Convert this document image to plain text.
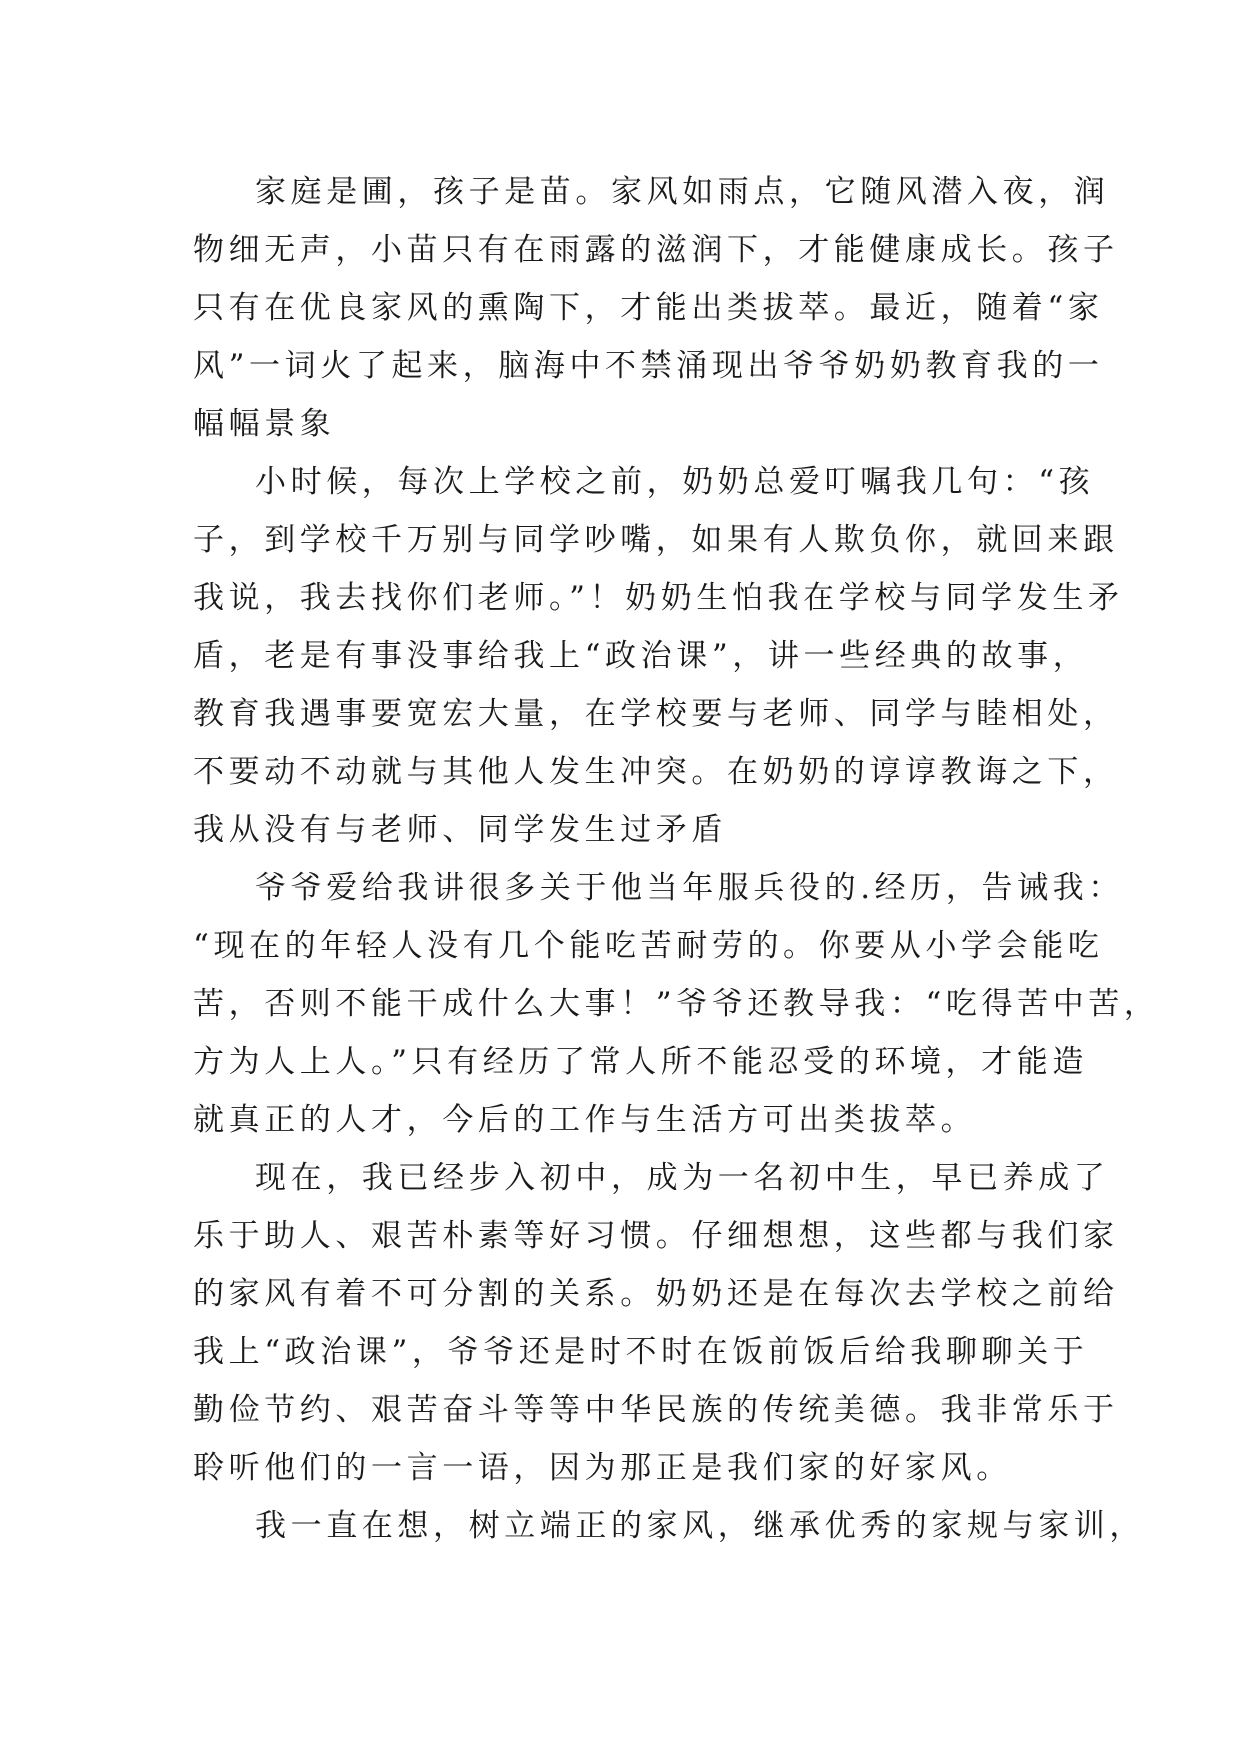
家庭是圃，孩子是苗。家风如雨点，它随风潜入夜，润
物细无声，小苗只有在雨露的滋润下，才能健康成长。孩子
只有在优良家风的熏陶下，才能出类拔萃。最近，随着“家
风”一词火了起来，脑海中不禁涌现出爷爷奶奶教育我的一
幅幅景象
小时候，每次上学校之前，奶奶总爱叮嘱我几句：“孩
子，到学校千万别与同学吵嘴，如果有人欺负你，就回来跟
我说，我去找你们老师。”！奶奶生怕我在学校与同学发生矛
盾，老是有事没事给我上“政治课”，讲一些经典的故事，
教育我遇事要宽宏大量，在学校要与老师、同学与睦相处，
不要动不动就与其他人发生冲突。在奶奶的谆谆教诲之下，
我从没有与老师、同学发生过矛盾
爷爷爱给我讲很多关于他当年服兵役的.经历，告诫我：
“现在的年轻人没有几个能吃苦耐劳的。你要从小学会能吃
苦，否则不能干成什么大事！”爷爷还教导我：“吃得苦中苦，
方为人上人。”只有经历了常人所不能忍受的环境，才能造
就真正的人才，今后的工作与生活方可出类拔萃。
现在，我已经步入初中，成为一名初中生，早已养成了
乐于助人、艰苦朴素等好习惯。仔细想想，这些都与我们家
的家风有着不可分割的关系。奶奶还是在每次去学校之前给
我上“政治课”，爷爷还是时不时在饭前饭后给我聊聊关于
勤俭节约、艰苦奋斗等等中华民族的传统美德。我非常乐于
聆听他们的一言一语，因为那正是我们家的好家风。
我一直在想，树立端正的家风，继承优秀的家规与家训，
